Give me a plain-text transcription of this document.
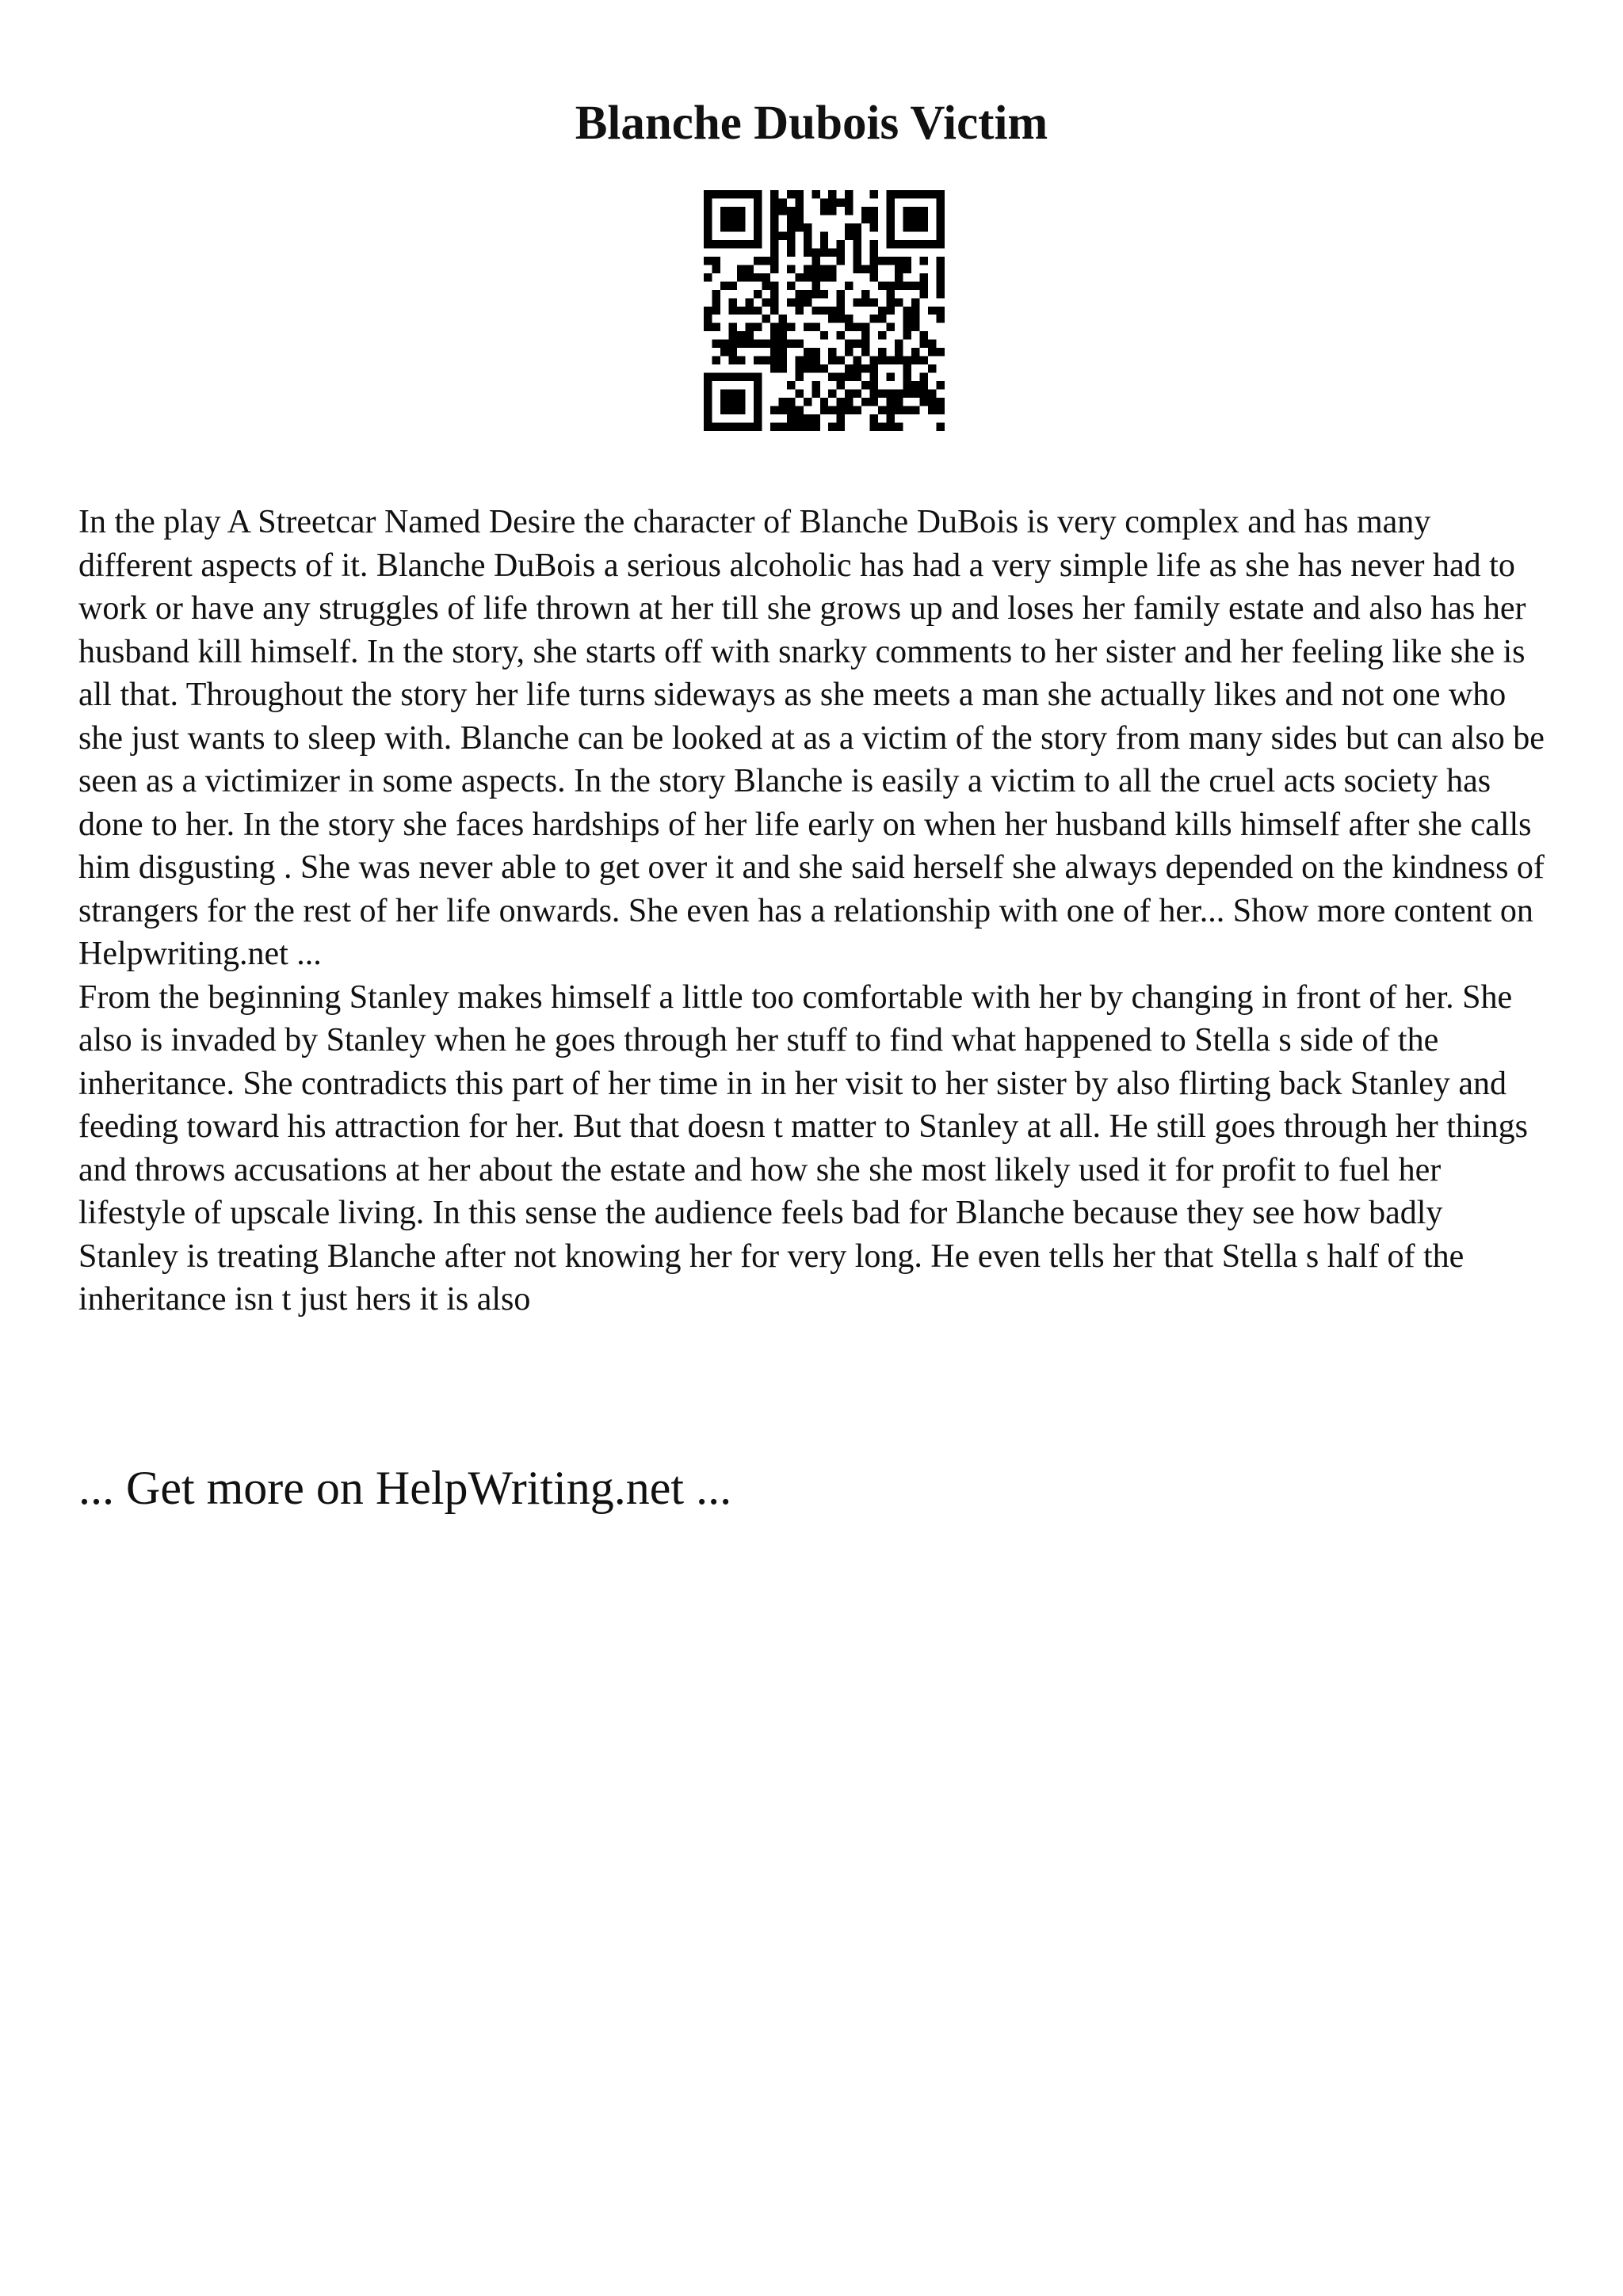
Blanche Dubois Victim

In the play A Streetcar Named Desire the character of Blanche DuBois is very complex and has many different aspects of it. Blanche DuBois a serious alcoholic has had a very simple life as she has never had to work or have any struggles of life thrown at her till she grows up and loses her family estate and also has her husband kill himself. In the story, she starts off with snarky comments to her sister and her feeling like she is all that. Throughout the story her life turns sideways as she meets a man she actually likes and not one who she just wants to sleep with. Blanche can be looked at as a victim of the story from many sides but can also be seen as a victimizer in some aspects. In the story Blanche is easily a victim to all the cruel acts society has done to her. In the story she faces hardships of her life early on when her husband kills himself after she calls him disgusting . She was never able to get over it and she said herself she always depended on the kindness of strangers for the rest of her life onwards. She even has a relationship with one of her... Show more content on Helpwriting.net ...

From the beginning Stanley makes himself a little too comfortable with her by changing in front of her. She also is invaded by Stanley when he goes through her stuff to find what happened to Stella s side of the inheritance. She contradicts this part of her time in in her visit to her sister by also flirting back Stanley and feeding toward his attraction for her. But that doesn t matter to Stanley at all. He still goes through her things and throws accusations at her about the estate and how she she most likely used it for profit to fuel her lifestyle of upscale living. In this sense the audience feels bad for Blanche because they see how badly Stanley is treating Blanche after not knowing her for very long. He even tells her that Stella s half of the inheritance isn t just hers it is also

... Get more on HelpWriting.net ...
